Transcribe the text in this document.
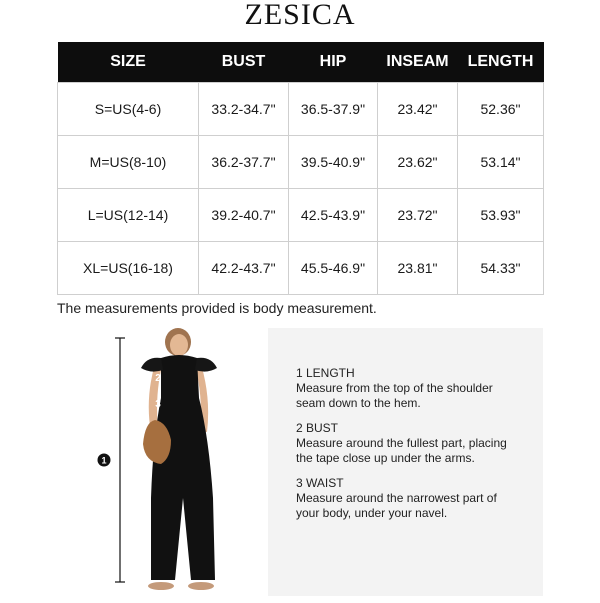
ZESICA
SIZE	BUST	HIP	INSEAM	LENGTH
S=US(4-6)	33.2-34.7"	36.5-37.9"	23.42"	52.36"
M=US(8-10)	36.2-37.7"	39.5-40.9"	23.62"	53.14"
L=US(12-14)	39.2-40.7"	42.5-43.9"	23.72"	53.93"
XL=US(16-18)	42.2-43.7"	45.5-46.9"	23.81"	54.33"
The measurements provided is body measurement.
1
2
3
1 LENGTH
Measure from the top of the shoulder
seam down to the hem.
2 BUST
Measure around the fullest part, placing
the tape close up under the arms.
3 WAIST
Measure around the narrowest part of
your body, under your navel.
